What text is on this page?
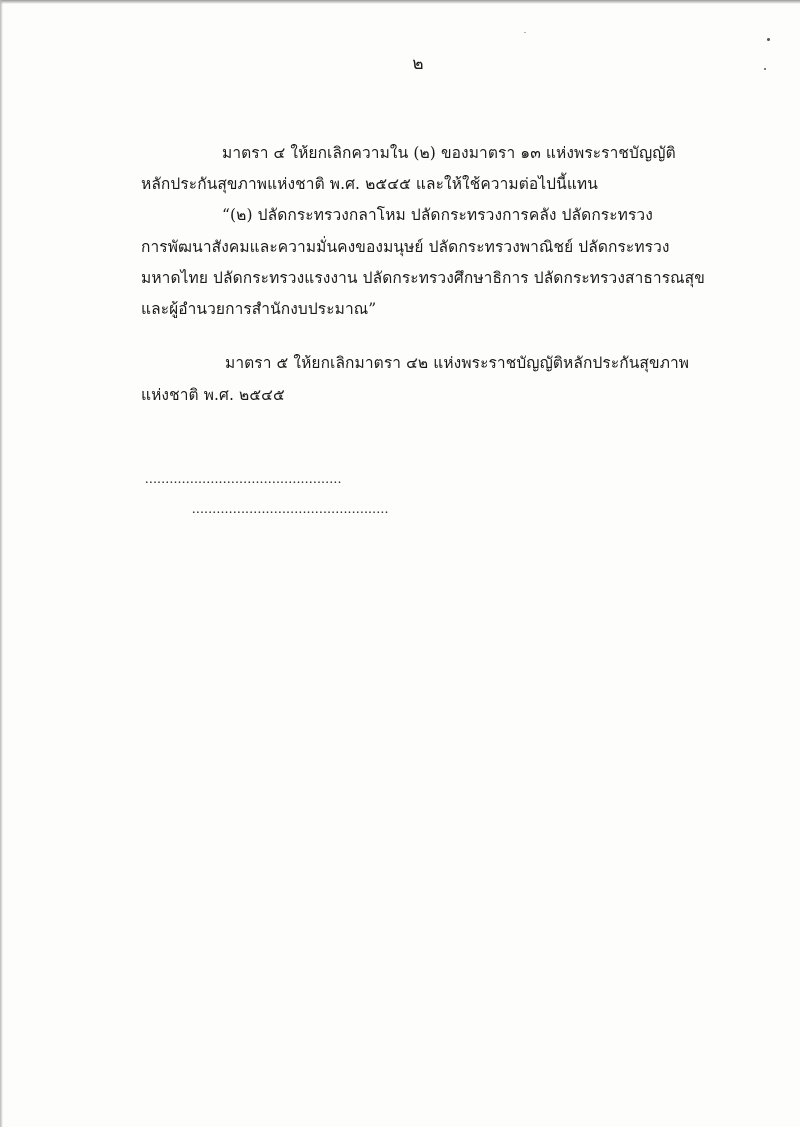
๒
มาตรา ๔ ให้ยกเลิกความใน (๒) ของมาตรา ๑๓ แห่งพระราชบัญญัติ
หลักประกันสุขภาพแห่งชาติ พ.ศ. ๒๕๔๕ และให้ใช้ความต่อไปนี้แทน
“(๒) ปลัดกระทรวงกลาโหม ปลัดกระทรวงการคลัง ปลัดกระทรวง
การพัฒนาสังคมและความมั่นคงของมนุษย์ ปลัดกระทรวงพาณิชย์ ปลัดกระทรวง
มหาดไทย ปลัดกระทรวงแรงงาน ปลัดกระทรวงศึกษาธิการ ปลัดกระทรวงสาธารณสุข
และผู้อำนวยการสำนักงบประมาณ”
มาตรา ๕ ให้ยกเลิกมาตรา ๔๒ แห่งพระราชบัญญัติหลักประกันสุขภาพ
แห่งชาติ พ.ศ. ๒๕๔๕
................................................
................................................
